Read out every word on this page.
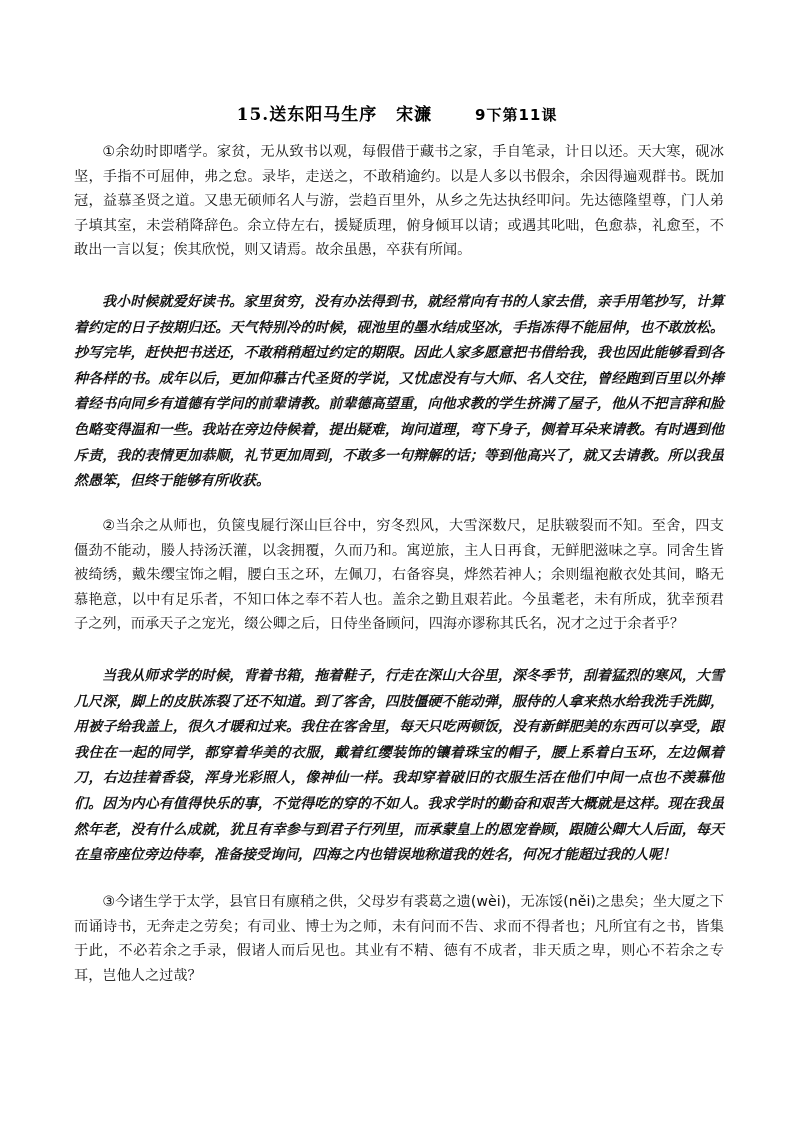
15.送东阳马生序 宋濂	9下第11课

①余幼时即嗜学。家贫，无从致书以观，每假借于藏书之家，手自笔录，计日以还。天大寒，砚冰坚，手指不可屈伸，弗之怠。录毕，走送之，不敢稍逾约。以是人多以书假余，余因得遍观群书。既加冠，益慕圣贤之道。又患无硕师名人与游，尝趋百里外，从乡之先达执经叩问。先达德隆望尊，门人弟子填其室，未尝稍降辞色。余立侍左右，援疑质理，俯身倾耳以请；或遇其叱咄，色愈恭，礼愈至，不敢出一言以复；俟其欣悦，则又请焉。故余虽愚，卒获有所闻。

我小时候就爱好读书。家里贫穷，没有办法得到书，就经常向有书的人家去借，亲手用笔抄写，计算着约定的日子按期归还。天气特别冷的时候，砚池里的墨水结成坚冰，手指冻得不能屈伸，也不敢放松。抄写完毕，赶快把书送还，不敢稍稍超过约定的期限。因此人家多愿意把书借给我，我也因此能够看到各种各样的书。成年以后，更加仰慕古代圣贤的学说，又忧虑没有与大师、名人交往，曾经跑到百里以外捧着经书向同乡有道德有学问的前辈请教。前辈德高望重，向他求教的学生挤满了屋子，他从不把言辞和脸色略变得温和一些。我站在旁边侍候着，提出疑难，询问道理，弯下身子，侧着耳朵来请教。有时遇到他斥责，我的表情更加恭顺，礼节更加周到，不敢多一句辩解的话；等到他高兴了，就又去请教。所以我虽然愚笨，但终于能够有所收获。

②当余之从师也，负箧曳屣行深山巨谷中，穷冬烈风，大雪深数尺，足肤皲裂而不知。至舍，四支僵劲不能动，媵人持汤沃灌，以衾拥覆，久而乃和。寓逆旅，主人日再食，无鲜肥滋味之享。同舍生皆被绮绣，戴朱缨宝饰之帽，腰白玉之环，左佩刀，右备容臭，烨然若神人；余则缊袍敝衣处其间，略无慕艳意，以中有足乐者，不知口体之奉不若人也。盖余之勤且艰若此。今虽耄老，未有所成，犹幸预君子之列，而承天子之宠光，缀公卿之后，日侍坐备顾问，四海亦谬称其氏名，况才之过于余者乎？

当我从师求学的时候，背着书箱，拖着鞋子，行走在深山大谷里，深冬季节，刮着猛烈的寒风，大雪几尺深，脚上的皮肤冻裂了还不知道。到了客舍，四肢僵硬不能动弹，服侍的人拿来热水给我洗手洗脚，用被子给我盖上，很久才暖和过来。我住在客舍里，每天只吃两顿饭，没有新鲜肥美的东西可以享受，跟我住在一起的同学，都穿着华美的衣服，戴着红缨装饰的镶着珠宝的帽子，腰上系着白玉环，左边佩着刀，右边挂着香袋，浑身光彩照人，像神仙一样。我却穿着破旧的衣服生活在他们中间一点也不羡慕他们。因为内心有值得快乐的事，不觉得吃的穿的不如人。我求学时的勤奋和艰苦大概就是这样。现在我虽然年老，没有什么成就，犹且有幸参与到君子行列里，而承蒙皇上的恩宠眷顾，跟随公卿大人后面，每天在皇帝座位旁边侍奉，准备接受询问，四海之内也错误地称道我的姓名，何况才能超过我的人呢！

③今诸生学于太学，县官日有廪稍之供，父母岁有裘葛之遗(wèi)，无冻馁(něi)之患矣；坐大厦之下而诵诗书，无奔走之劳矣；有司业、博士为之师，未有问而不告、求而不得者也；凡所宜有之书，皆集于此，不必若余之手录，假诸人而后见也。其业有不精、德有不成者，非天质之卑，则心不若余之专耳，岂他人之过哉？
